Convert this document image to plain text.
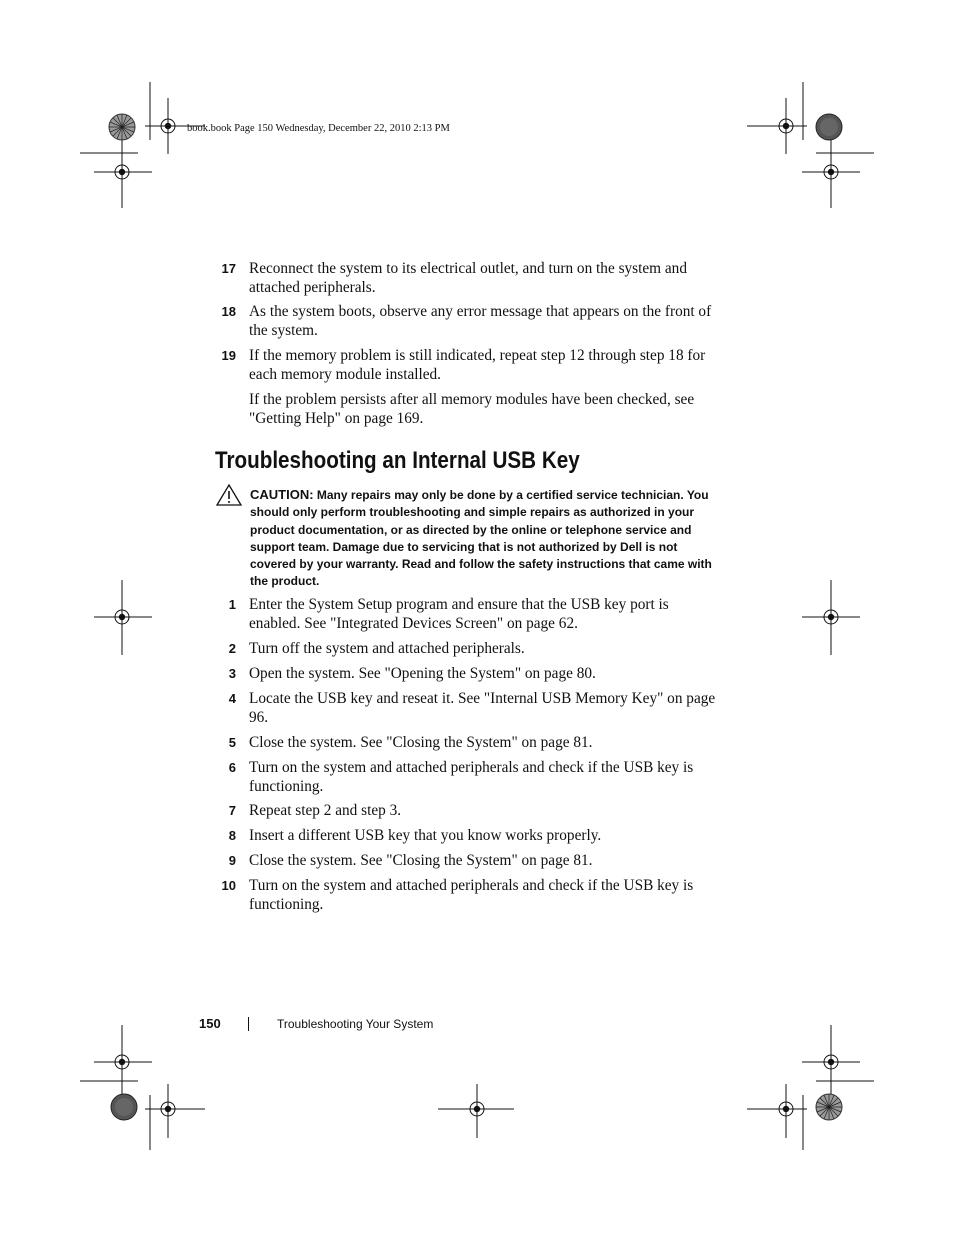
book.book Page 150 Wednesday, December 22, 2010 2:13 PM
17 Reconnect the system to its electrical outlet, and turn on the system and attached peripherals.
18 As the system boots, observe any error message that appears on the front of the system.
19 If the memory problem is still indicated, repeat step 12 through step 18 for each memory module installed.
If the problem persists after all memory modules have been checked, see "Getting Help" on page 169.
Troubleshooting an Internal USB Key
CAUTION: Many repairs may only be done by a certified service technician. You should only perform troubleshooting and simple repairs as authorized in your product documentation, or as directed by the online or telephone service and support team. Damage due to servicing that is not authorized by Dell is not covered by your warranty. Read and follow the safety instructions that came with the product.
1 Enter the System Setup program and ensure that the USB key port is enabled. See "Integrated Devices Screen" on page 62.
2 Turn off the system and attached peripherals.
3 Open the system. See "Opening the System" on page 80.
4 Locate the USB key and reseat it. See "Internal USB Memory Key" on page 96.
5 Close the system. See "Closing the System" on page 81.
6 Turn on the system and attached peripherals and check if the USB key is functioning.
7 Repeat step 2 and step 3.
8 Insert a different USB key that you know works properly.
9 Close the system. See "Closing the System" on page 81.
10 Turn on the system and attached peripherals and check if the USB key is functioning.
150	Troubleshooting Your System
